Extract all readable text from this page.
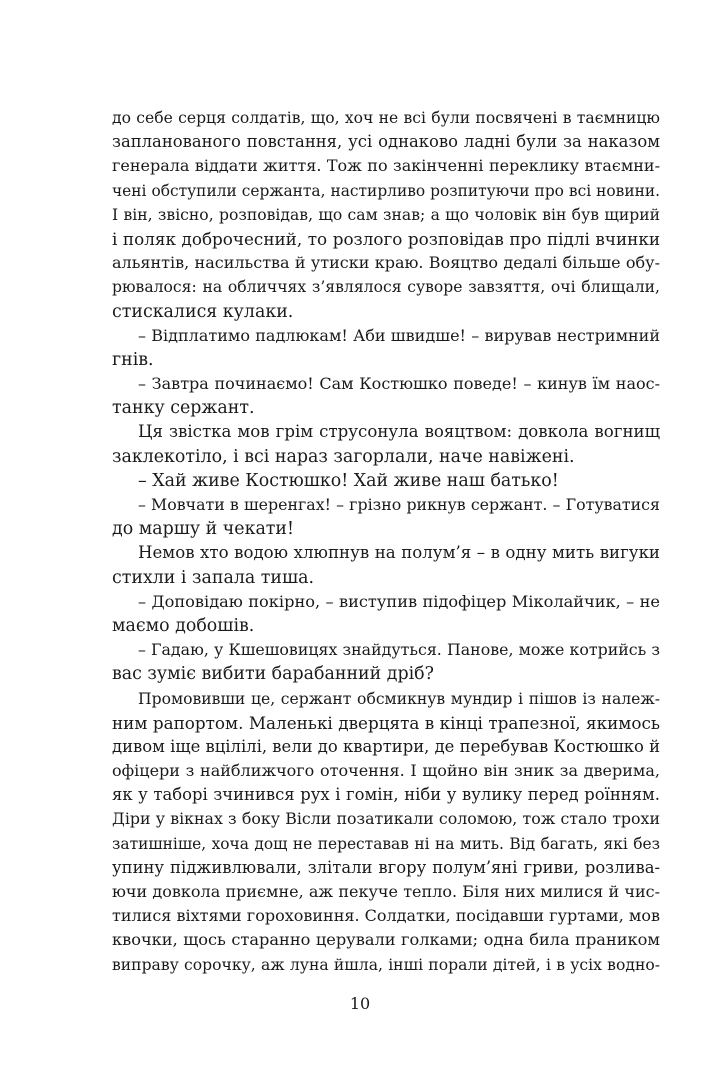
до себе серця солдатів, що, хоч не всі були посвячені в таємницю
запланованого повстання, усі однаково ладні були за наказом
генерала віддати життя. Тож по закінченні переклику втаємни-
чені обступили сержанта, настирливо розпитуючи про всі новини.
І він, звісно, розповідав, що сам знав; а що чоловік він був щирий
і поляк доброчесний, то розлого розповідав про підлі вчинки
альянтів, насильства й утиски краю. Вояцтво дедалі більше обу-
рювалося: на обличчях з’являлося суворе завзяття, очі блищали,
стискалися кулаки.
– Відплатимо падлюкам! Аби швидше! – вирував нестримний
гнів.
– Завтра починаємо! Сам Костюшко поведе! – кинув їм наос-
танку сержант.
Ця звістка мов грім струсонула вояцтвом: довкола вогнищ
заклекотіло, і всі нараз загорлали, наче навіжені.
– Хай живе Костюшко! Хай живе наш батько!
– Мовчати в шеренгах! – грізно рикнув сержант. – Готуватися
до маршу й чекати!
Немов хто водою хлюпнув на полум’я – в одну мить вигуки
стихли і запала тиша.
– Доповідаю покірно, – виступив підофіцер Міколайчик, – не
маємо добошів.
– Гадаю, у Кшешовицях знайдуться. Панове, може котрийсь з
вас зуміє вибити барабанний дріб?
Промовивши це, сержант обсмикнув мундир і пішов із належ-
ним рапортом. Маленькі дверцята в кінці трапезної, якимось
дивом іще вцілілі, вели до квартири, де перебував Костюшко й
офіцери з найближчого оточення. І щойно він зник за дверима,
як у таборі зчинився рух і гомін, ніби у вулику перед роїнням.
Діри у вікнах з боку Вісли позатикали соломою, тож стало трохи
затишніше, хоча дощ не переставав ні на мить. Від багать, які без
упину підживлювали, злітали вгору полум’яні гриви, розлива-
ючи довкола приємне, аж пекуче тепло. Біля них милися й чис-
тилися віхтями гороховиння. Солдатки, посідавши гуртами, мов
квочки, щось старанно церували голками; одна била праником
виправу сорочку, аж луна йшла, інші порали дітей, і в усіх водно-
10
